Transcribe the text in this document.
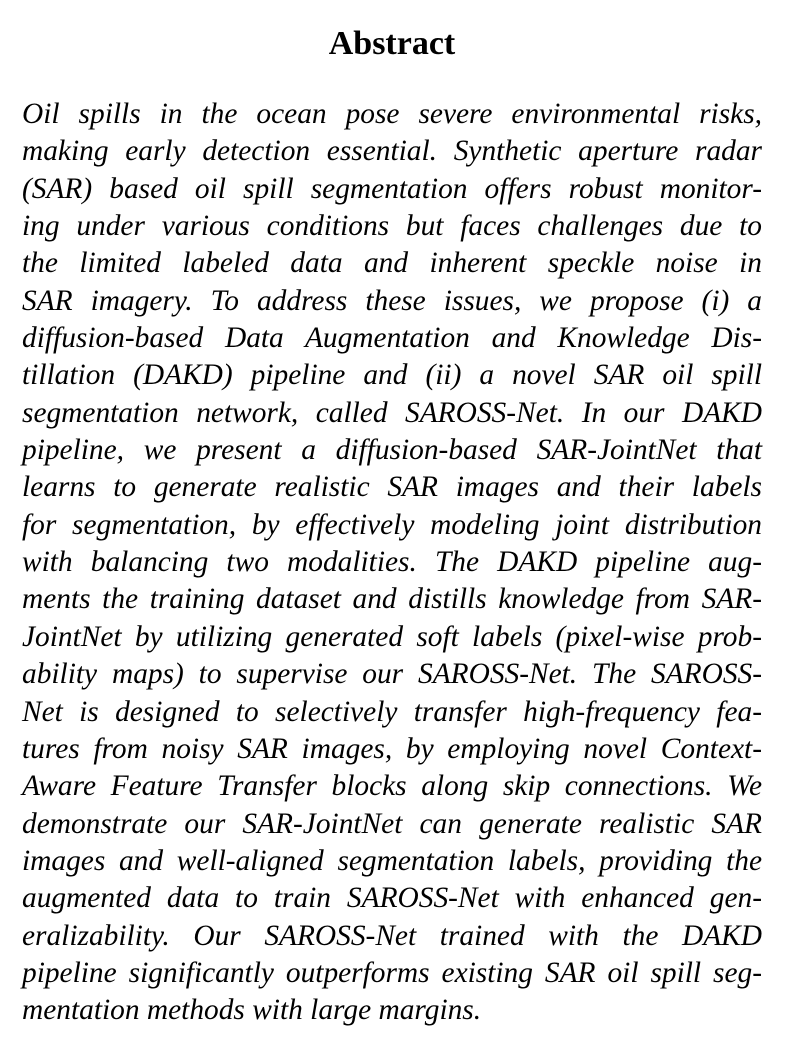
Abstract
Oil spills in the ocean pose severe environmental risks,
making early detection essential. Synthetic aperture radar
(SAR) based oil spill segmentation offers robust monitor-
ing under various conditions but faces challenges due to
the limited labeled data and inherent speckle noise in
SAR imagery. To address these issues, we propose (i) a
diffusion-based Data Augmentation and Knowledge Dis-
tillation (DAKD) pipeline and (ii) a novel SAR oil spill
segmentation network, called SAROSS-Net. In our DAKD
pipeline, we present a diffusion-based SAR-JointNet that
learns to generate realistic SAR images and their labels
for segmentation, by effectively modeling joint distribution
with balancing two modalities. The DAKD pipeline aug-
ments the training dataset and distills knowledge from SAR-
JointNet by utilizing generated soft labels (pixel-wise prob-
ability maps) to supervise our SAROSS-Net. The SAROSS-
Net is designed to selectively transfer high-frequency fea-
tures from noisy SAR images, by employing novel Context-
Aware Feature Transfer blocks along skip connections. We
demonstrate our SAR-JointNet can generate realistic SAR
images and well-aligned segmentation labels, providing the
augmented data to train SAROSS-Net with enhanced gen-
eralizability. Our SAROSS-Net trained with the DAKD
pipeline significantly outperforms existing SAR oil spill seg-
mentation methods with large margins.
